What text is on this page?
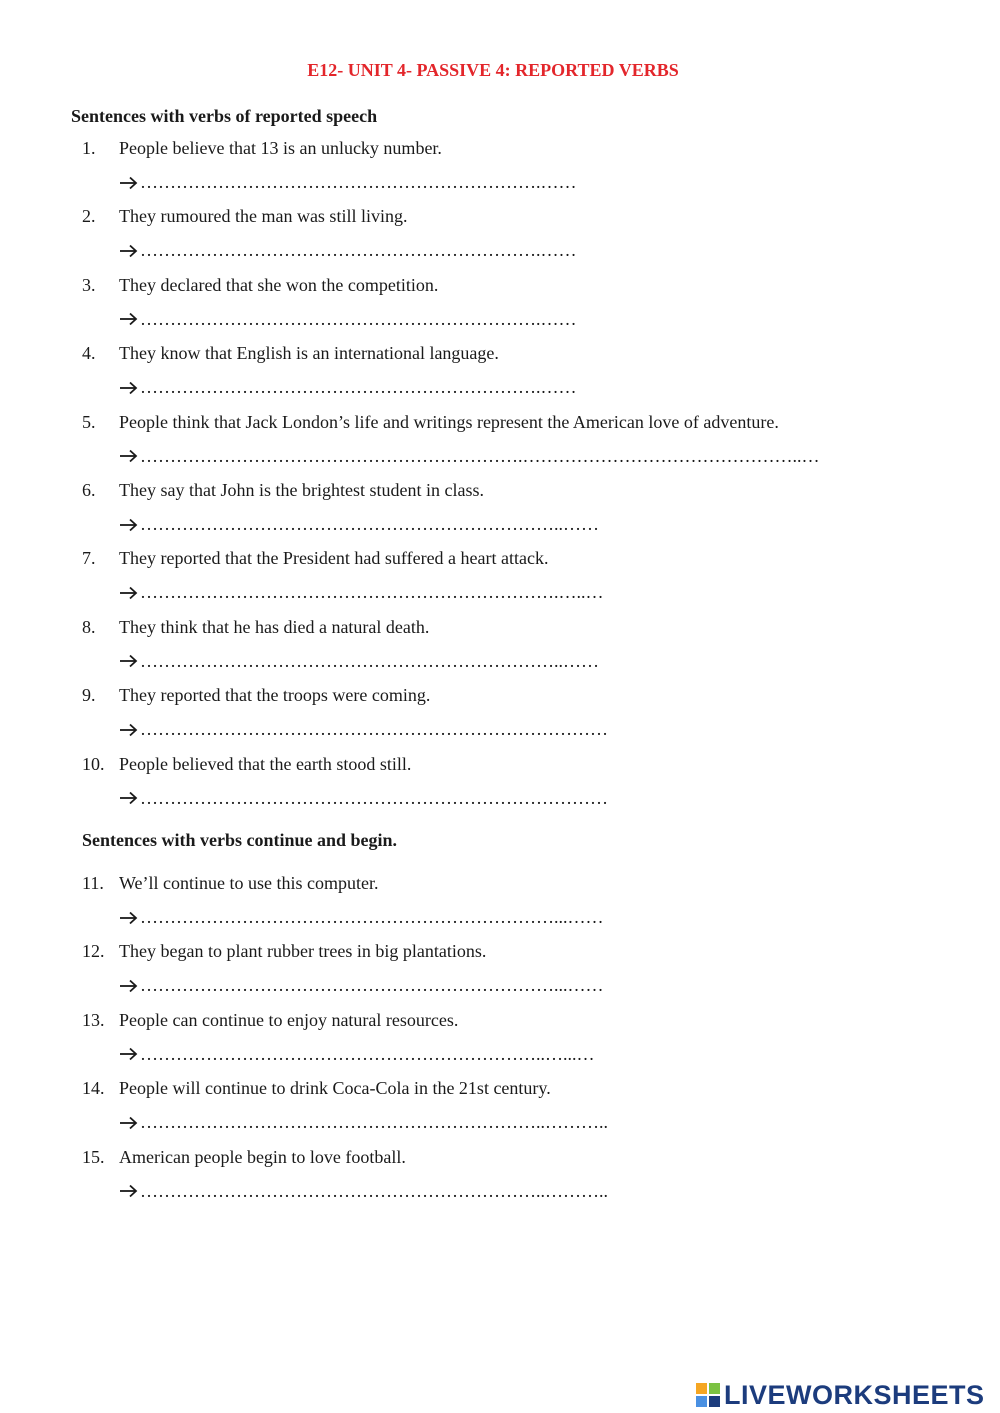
E12- UNIT 4- PASSIVE 4: REPORTED VERBS
Sentences with verbs of reported speech
1. People believe that 13 is an unlucky number.
………………………………………………………….……
2. They rumoured the man was still living.
………………………………………………………….……
3. They declared that she won the competition.
………………………………………………………….……
4. They know that English is an international language.
………………………………………………………….……
5. People think that Jack London’s life and writings represent the American love of adventure.
……………………………………………………….………………………………………..…
6. They say that John is the brightest student in class.
……………………………………………………………..……
7. They reported that the President had suffered a heart attack.
…………………………………………………………….…..…
8. They think that he has died a natural death.
……………………………………………………………..……
9. They reported that the troops were coming.
……………………………………………………………………
10. People believed that the earth stood still.
……………………………………………………………………
Sentences with verbs continue and begin.
11. We’ll continue to use this computer.
……………………………………………………………...……
12. They began to plant rubber trees in big plantations.
……………………………………………………………...……
13. People can continue to enjoy natural resources.
…………………………………………………………..…...…
14. People will continue to drink Coca-Cola in the 21st century.
…………………………………………………………..………..
15. American people begin to love football.
…………………………………………………………..………..
LIVEWORKSHEETS
